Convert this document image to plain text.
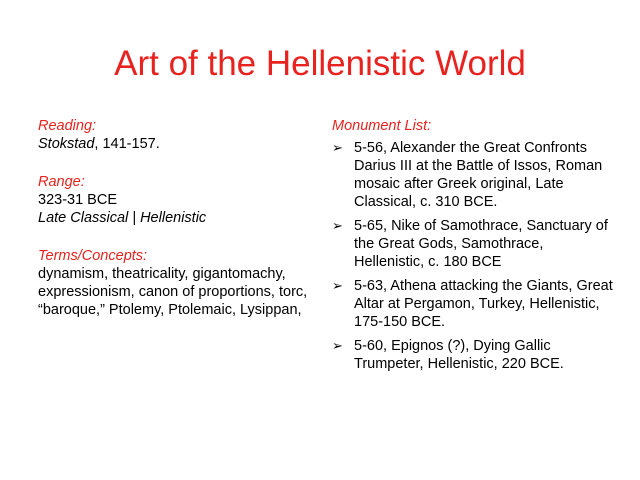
Art of the Hellenistic World
Reading:
Stokstad, 141-157.
Range:
323-31 BCE
Late Classical | Hellenistic
Terms/Concepts:
dynamism, theatricality, gigantomachy, expressionism, canon of proportions, torc, “baroque,” Ptolemy, Ptolemaic, Lysippan,
Monument List:
➢ 5-56, Alexander the Great Confronts Darius III at the Battle of Issos, Roman mosaic after Greek original, Late Classical, c. 310 BCE.
➢ 5-65, Nike of Samothrace, Sanctuary of the Great Gods, Samothrace, Hellenistic, c. 180 BCE
➢ 5-63, Athena attacking the Giants, Great Altar at Pergamon, Turkey, Hellenistic, 175-150 BCE.
➢ 5-60, Epignos (?), Dying Gallic Trumpeter, Hellenistic, 220 BCE.
